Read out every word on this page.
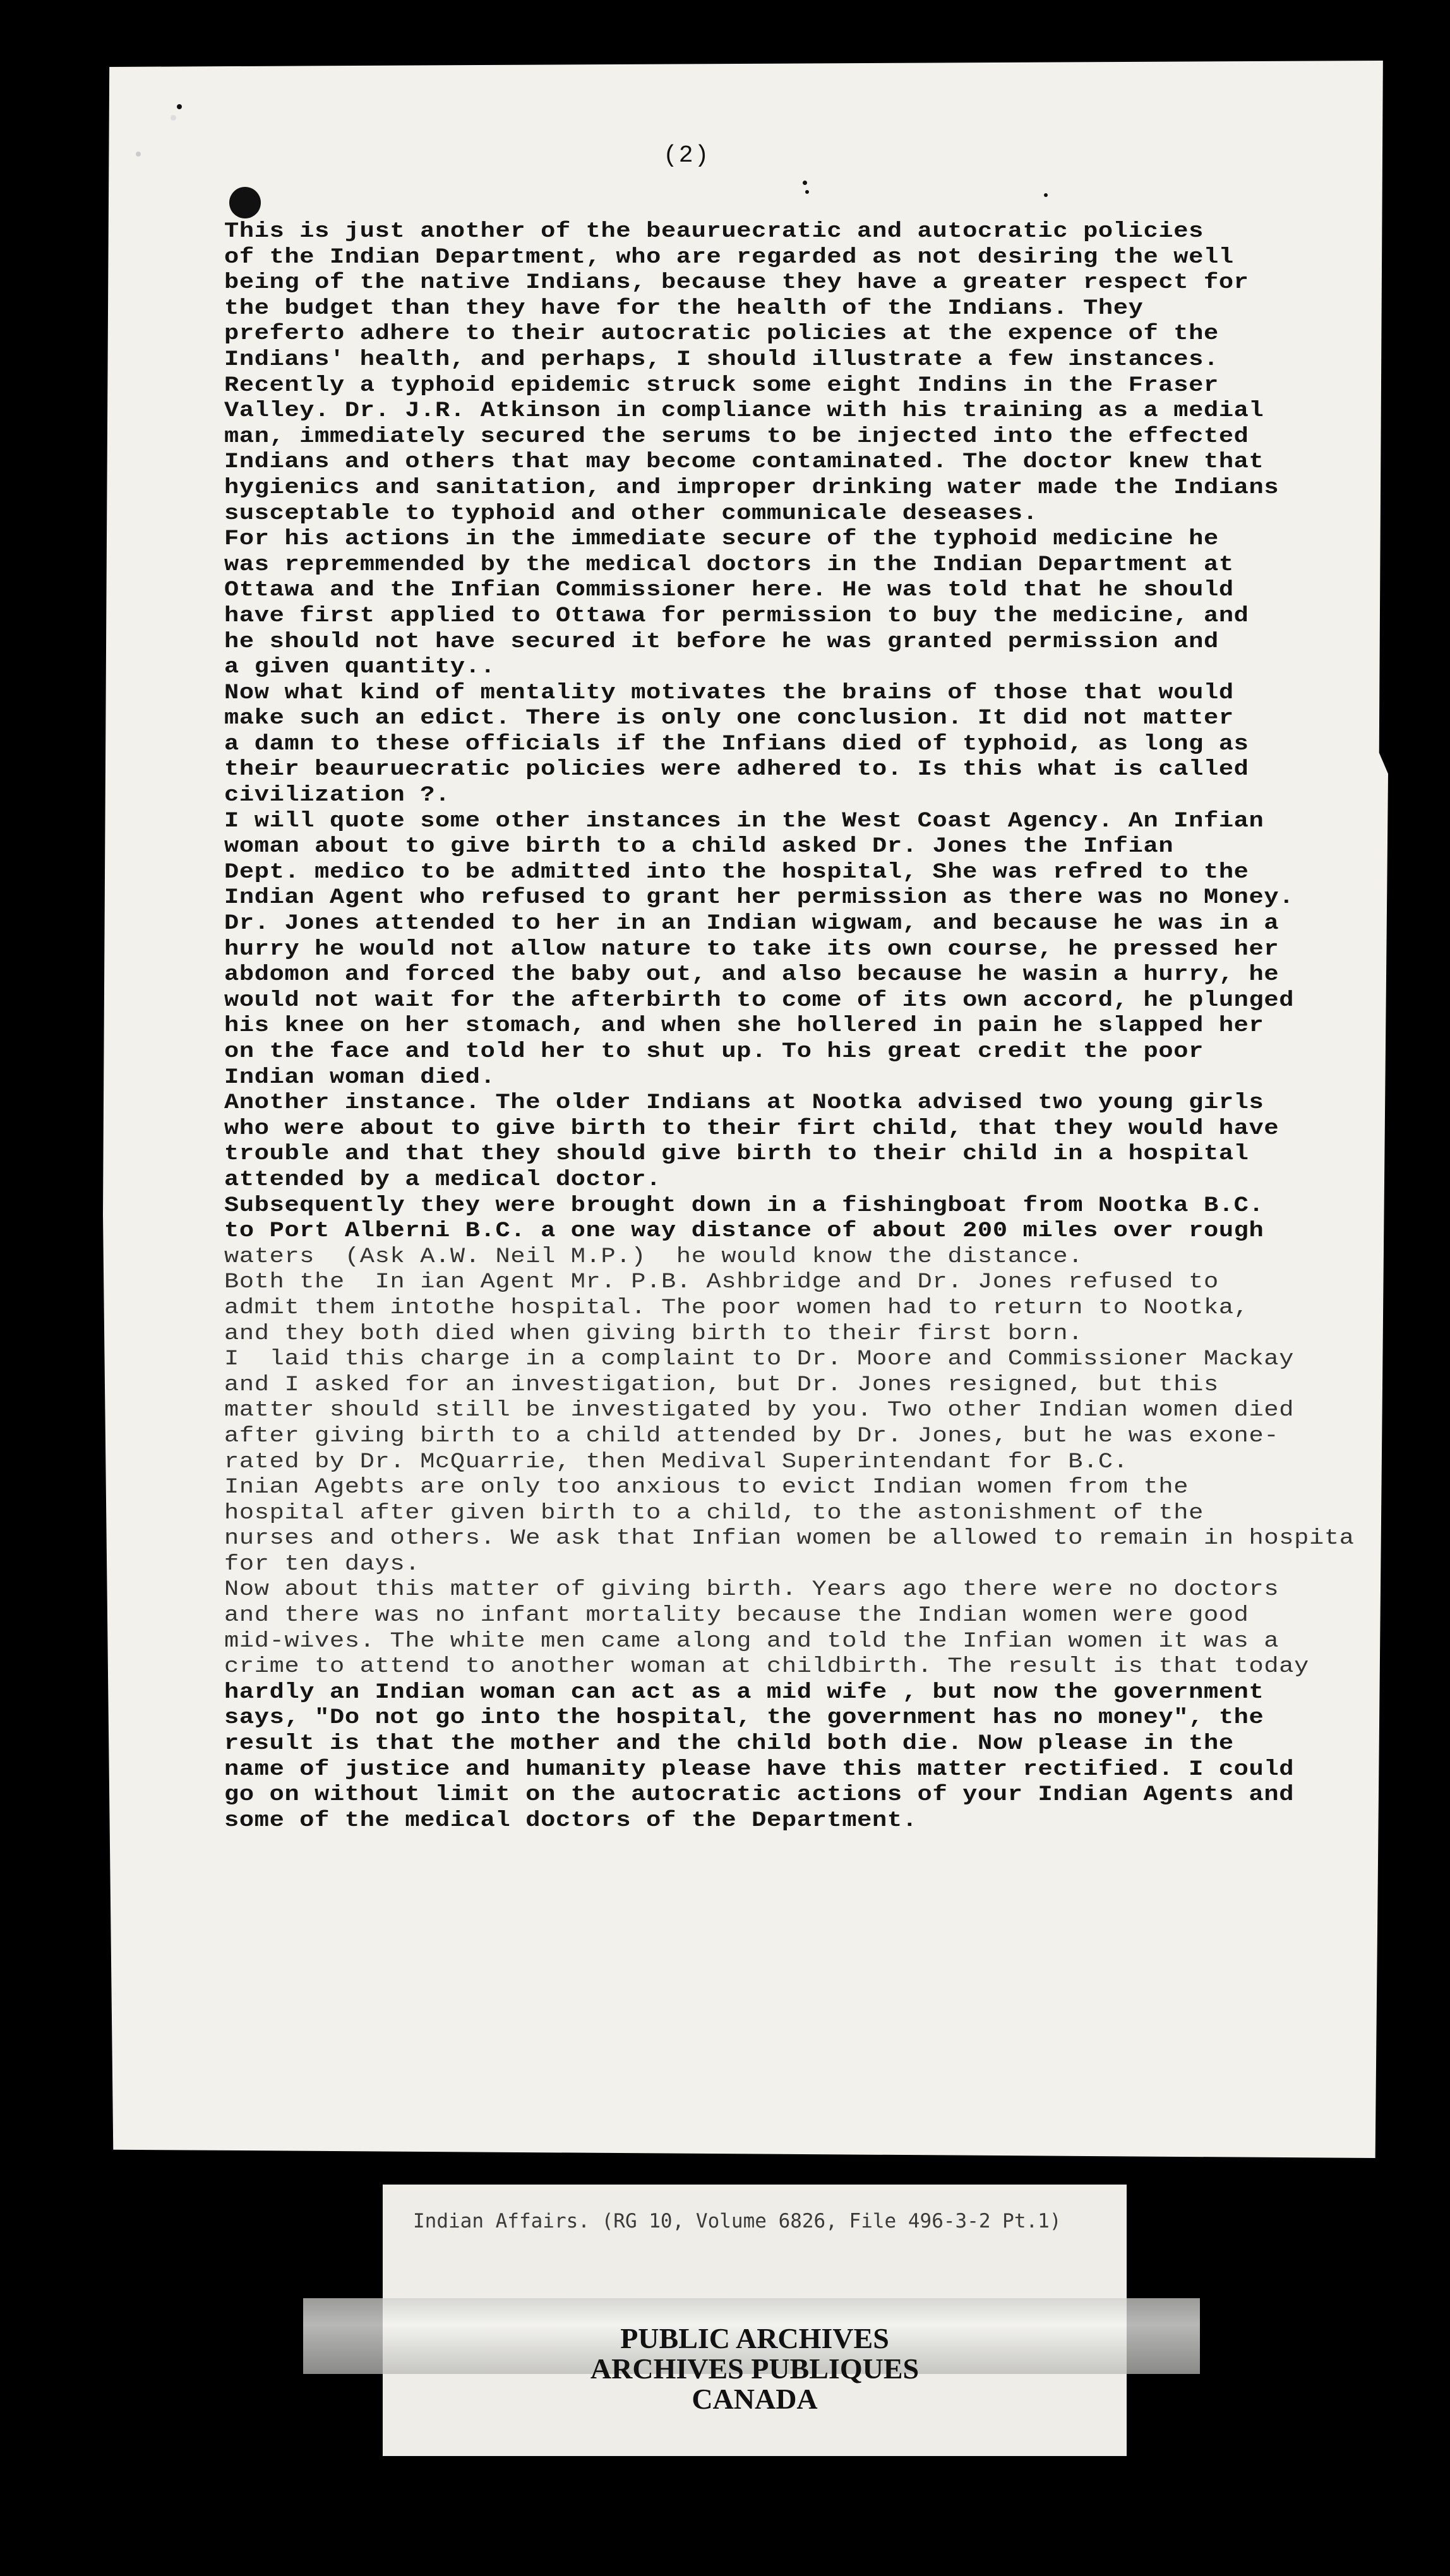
(2)
This is just another of the beauruecratic and autocratic policies
of the Indian Department, who are regarded as not desiring the well
being of the native Indians, because they have a greater respect for
the budget than they have for the health of the Indians. They
preferto adhere to their autocratic policies at the expence of the
Indians' health, and perhaps, I should illustrate a few instances.
Recently a typhoid epidemic struck some eight Indins in the Fraser
Valley. Dr. J.R. Atkinson in compliance with his training as a medial
man, immediately secured the serums to be injected into the effected
Indians and others that may become contaminated. The doctor knew that
hygienics and sanitation, and improper drinking water made the Indians
susceptable to typhoid and other communicale deseases.
For his actions in the immediate secure of the typhoid medicine he
was repremmended by the medical doctors in the Indian Department at
Ottawa and the Infian Commissioner here. He was told that he should
have first applied to Ottawa for permission to buy the medicine, and
he should not have secured it before he was granted permission and
a given quantity..
Now what kind of mentality motivates the brains of those that would
make such an edict. There is only one conclusion. It did not matter
a damn to these officials if the Infians died of typhoid, as long as
their beauruecratic policies were adhered to. Is this what is called
civilization ?.
I will quote some other instances in the West Coast Agency. An Infian
woman about to give birth to a child asked Dr. Jones the Infian
Dept. medico to be admitted into the hospital, She was refred to the
Indian Agent who refused to grant her permission as there was no Money.
Dr. Jones attended to her in an Indian wigwam, and because he was in a
hurry he would not allow nature to take its own course, he pressed her
abdomon and forced the baby out, and also because he wasin a hurry, he
would not wait for the afterbirth to come of its own accord, he plunged
his knee on her stomach, and when she hollered in pain he slapped her
on the face and told her to shut up. To his great credit the poor
Indian woman died.
Another instance. The older Indians at Nootka advised two young girls
who were about to give birth to their firt child, that they would have
trouble and that they should give birth to their child in a hospital
attended by a medical doctor.
Subsequently they were brought down in a fishingboat from Nootka B.C.
to Port Alberni B.C. a one way distance of about 200 miles over rough
waters  (Ask A.W. Neil M.P.)  he would know the distance.
Both the  In ian Agent Mr. P.B. Ashbridge and Dr. Jones refused to
admit them intothe hospital. The poor women had to return to Nootka,
and they both died when giving birth to their first born.
I  laid this charge in a complaint to Dr. Moore and Commissioner Mackay
and I asked for an investigation, but Dr. Jones resigned, but this
matter should still be investigated by you. Two other Indian women died
after giving birth to a child attended by Dr. Jones, but he was exone-
rated by Dr. McQuarrie, then Medival Superintendant for B.C.
Inian Agebts are only too anxious to evict Indian women from the
hospital after given birth to a child, to the astonishment of the
nurses and others. We ask that Infian women be allowed to remain in hospita
for ten days.
Now about this matter of giving birth. Years ago there were no doctors
and there was no infant mortality because the Indian women were good
mid-wives. The white men came along and told the Infian women it was a
crime to attend to another woman at childbirth. The result is that today
hardly an Indian woman can act as a mid wife , but now the government
says, "Do not go into the hospital, the government has no money", the
result is that the mother and the child both die. Now please in the
name of justice and humanity please have this matter rectified. I could
go on without limit on the autocratic actions of your Indian Agents and
some of the medical doctors of the Department.
Indian Affairs. (RG 10, Volume 6826, File 496-3-2 Pt.1)
PUBLIC ARCHIVES
ARCHIVES PUBLIQUES
CANADA
